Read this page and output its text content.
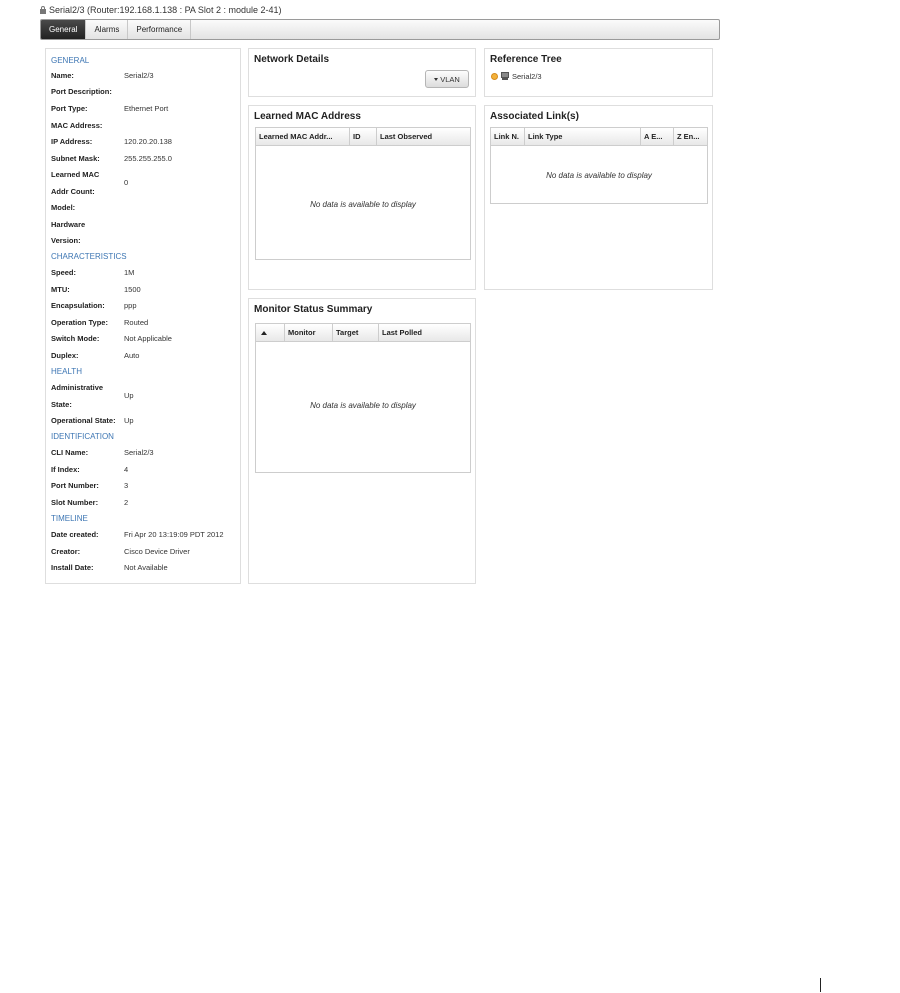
Serial2/3 (Router:192.168.1.138 : PA Slot 2 : module 2-41)
General	Alarms	Performance
GENERAL
Name:	Serial2/3
Port Description:
Port Type:	Ethernet Port
MAC Address:
IP Address:	120.20.20.138
Subnet Mask:	255.255.255.0
Learned MAC
Addr Count:
0
Model:
Hardware
Version:
CHARACTERISTICS
Speed:	1M
MTU:	1500
Encapsulation:	ppp
Operation Type: Routed
Switch Mode:	Not Applicable
Duplex:	Auto
HEALTH
Administrative
State:
Up
Operational State: Up
IDENTIFICATION
CLI Name:	Serial2/3
If Index:	4
Port Number:	3
Slot Number:	2
TIMELINE
Date created:	Fri Apr 20 13:19:09 PDT 2012
Creator:	Cisco Device Driver
Install Date:	Not Available
Network Details
VLAN
Reference Tree
Serial2/3
Learned MAC Address
Learned MAC Addr...	ID	Last Observed
No data is available to display
Associated Link(s)
Link N.	Link Type	A E...	Z En...
No data is available to display
Monitor Status Summary
Monitor	Target	Last Polled
No data is available to display
